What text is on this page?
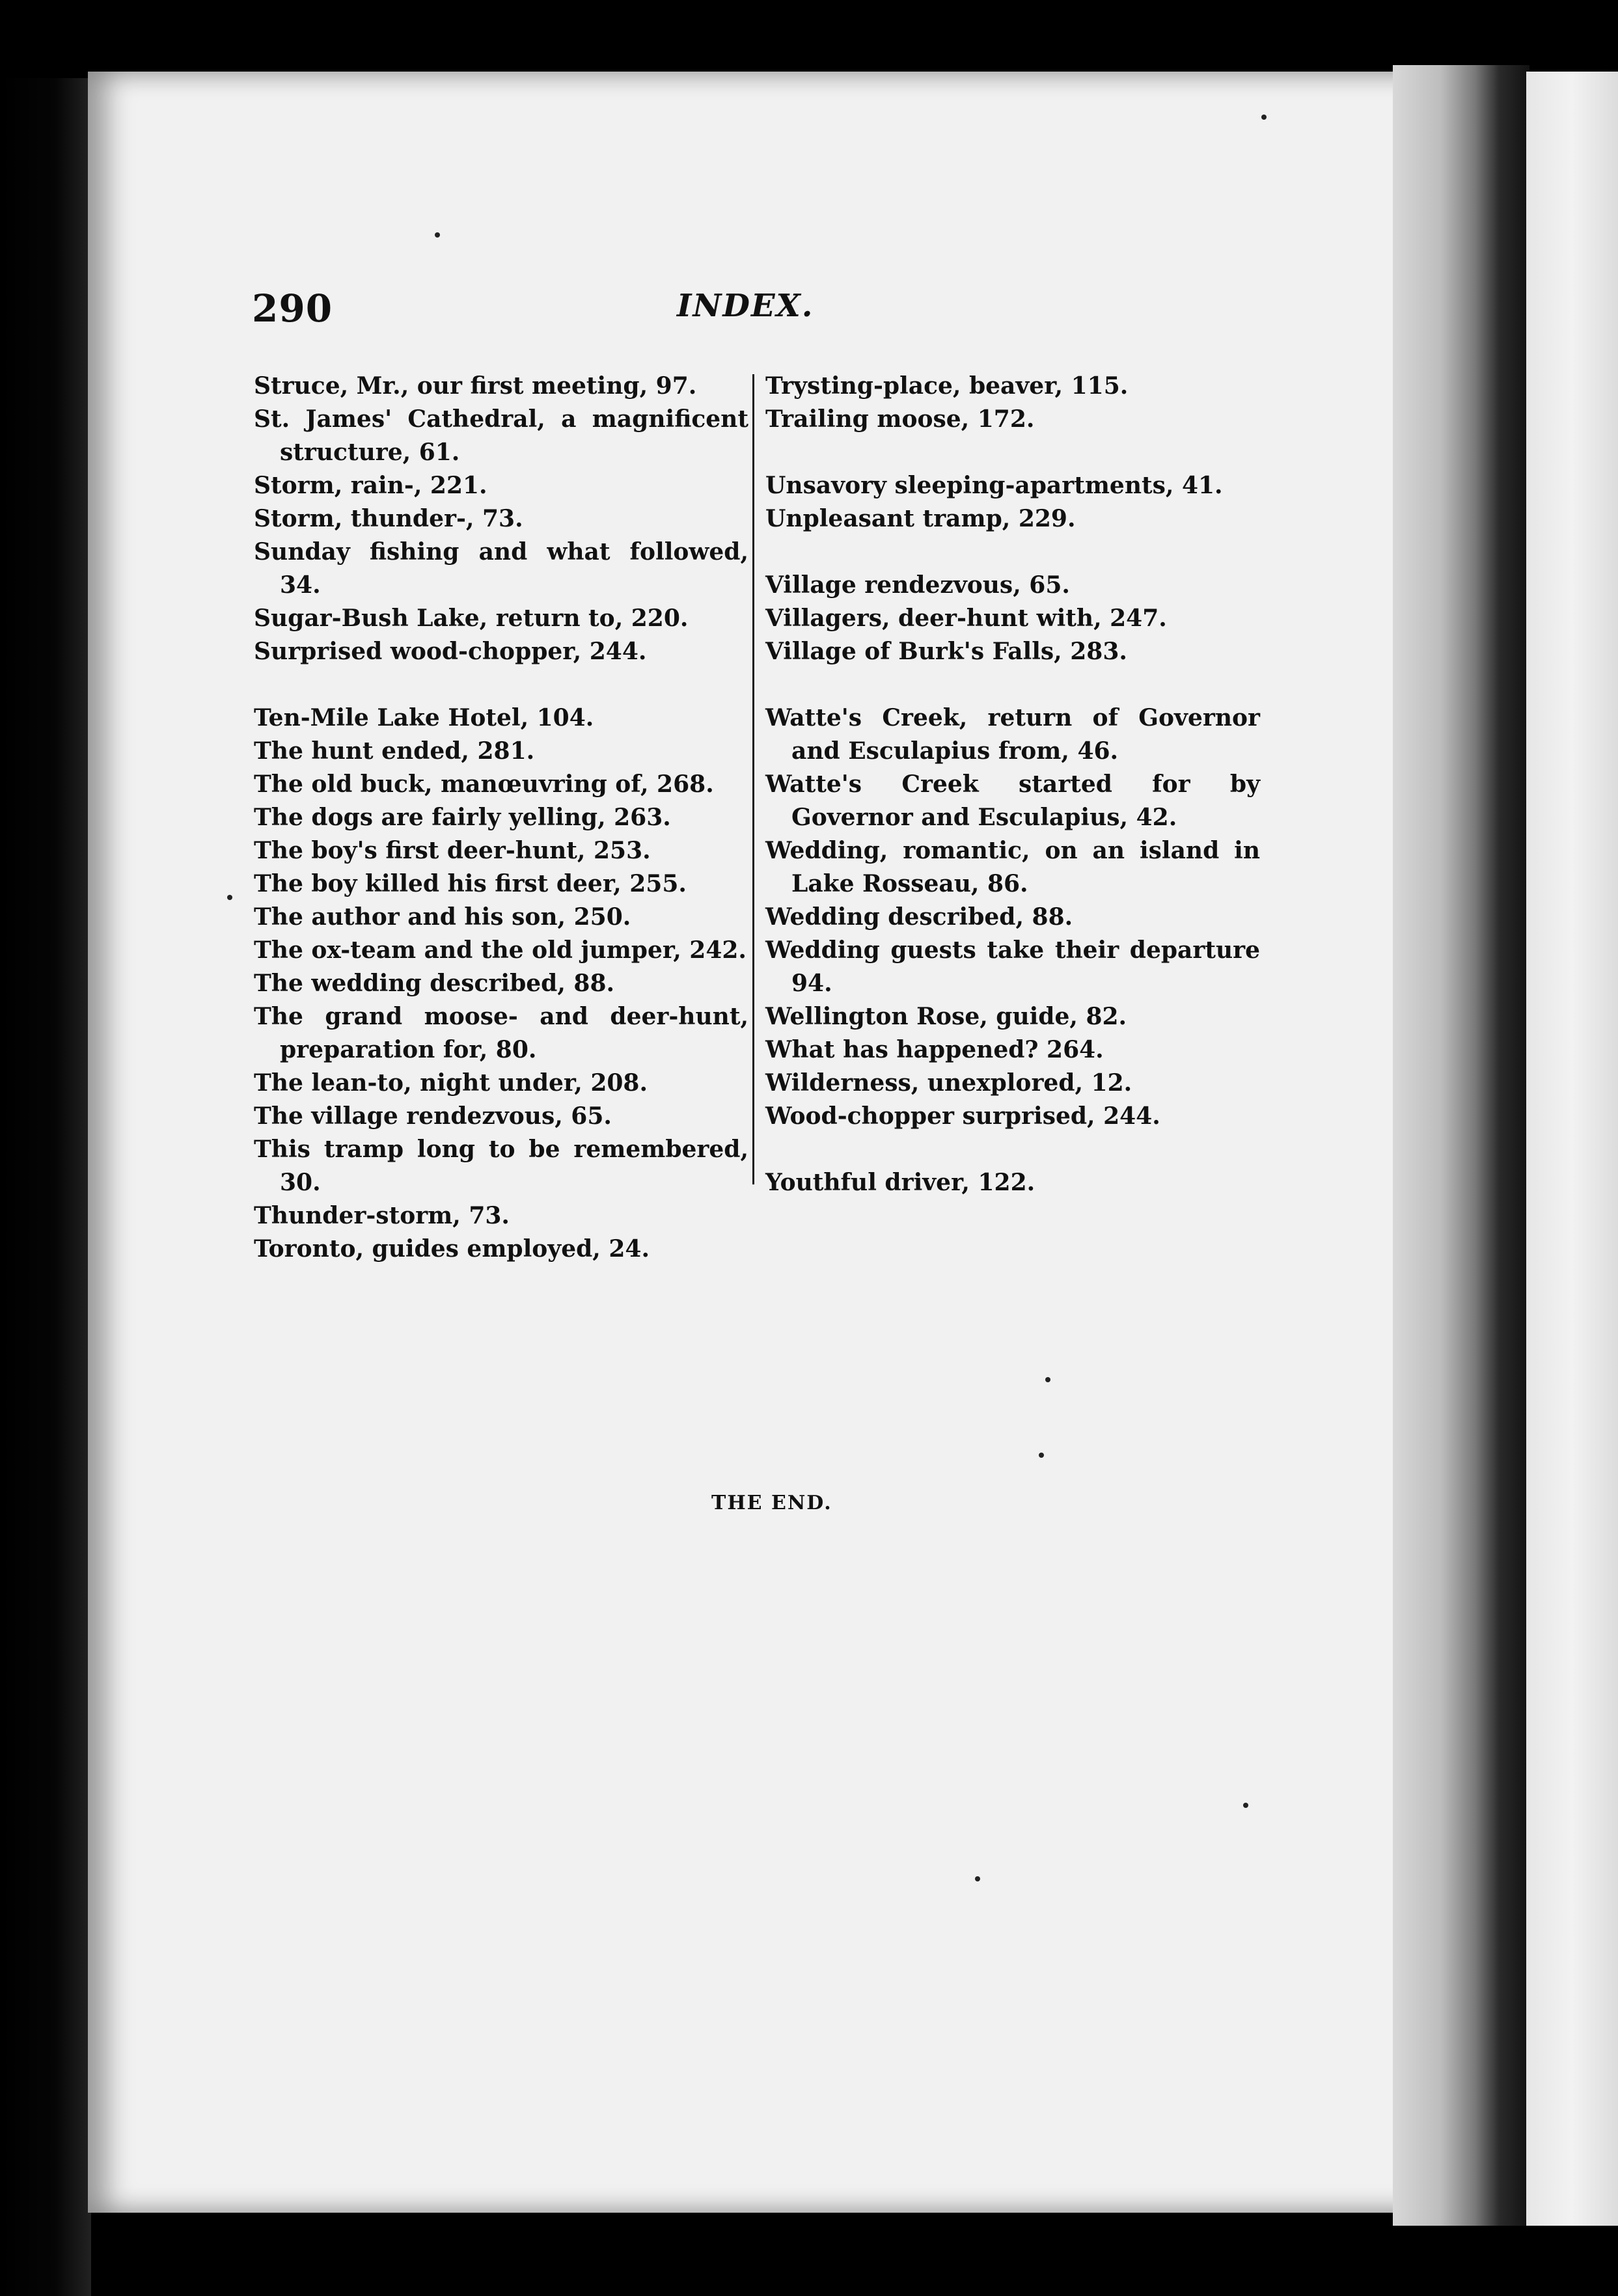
290	INDEX.
Struce, Mr., our first meeting, 97.
St. James' Cathedral, a magnificent structure, 61.
Storm, rain-, 221.
Storm, thunder-, 73.
Sunday fishing and what followed, 34.
Sugar-Bush Lake, return to, 220.
Surprised wood-chopper, 244.
Ten-Mile Lake Hotel, 104.
The hunt ended, 281.
The old buck, manœuvring of, 268.
The dogs are fairly yelling, 263.
The boy's first deer-hunt, 253.
The boy killed his first deer, 255.
The author and his son, 250.
The ox-team and the old jumper, 242.
The wedding described, 88.
The grand moose- and deer-hunt, preparation for, 80.
The lean-to, night under, 208.
The village rendezvous, 65.
This tramp long to be remembered, 30.
Thunder-storm, 73.
Toronto, guides employed, 24.
Trysting-place, beaver, 115.
Trailing moose, 172.
Unsavory sleeping-apartments, 41.
Unpleasant tramp, 229.
Village rendezvous, 65.
Villagers, deer-hunt with, 247.
Village of Burk's Falls, 283.
Watte's Creek, return of Governor and Esculapius from, 46.
Watte's Creek started for by Governor and Esculapius, 42.
Wedding, romantic, on an island in Lake Rosseau, 86.
Wedding described, 88.
Wedding guests take their departure 94.
Wellington Rose, guide, 82.
What has happened? 264.
Wilderness, unexplored, 12.
Wood-chopper surprised, 244.
Youthful driver, 122.
THE END.
